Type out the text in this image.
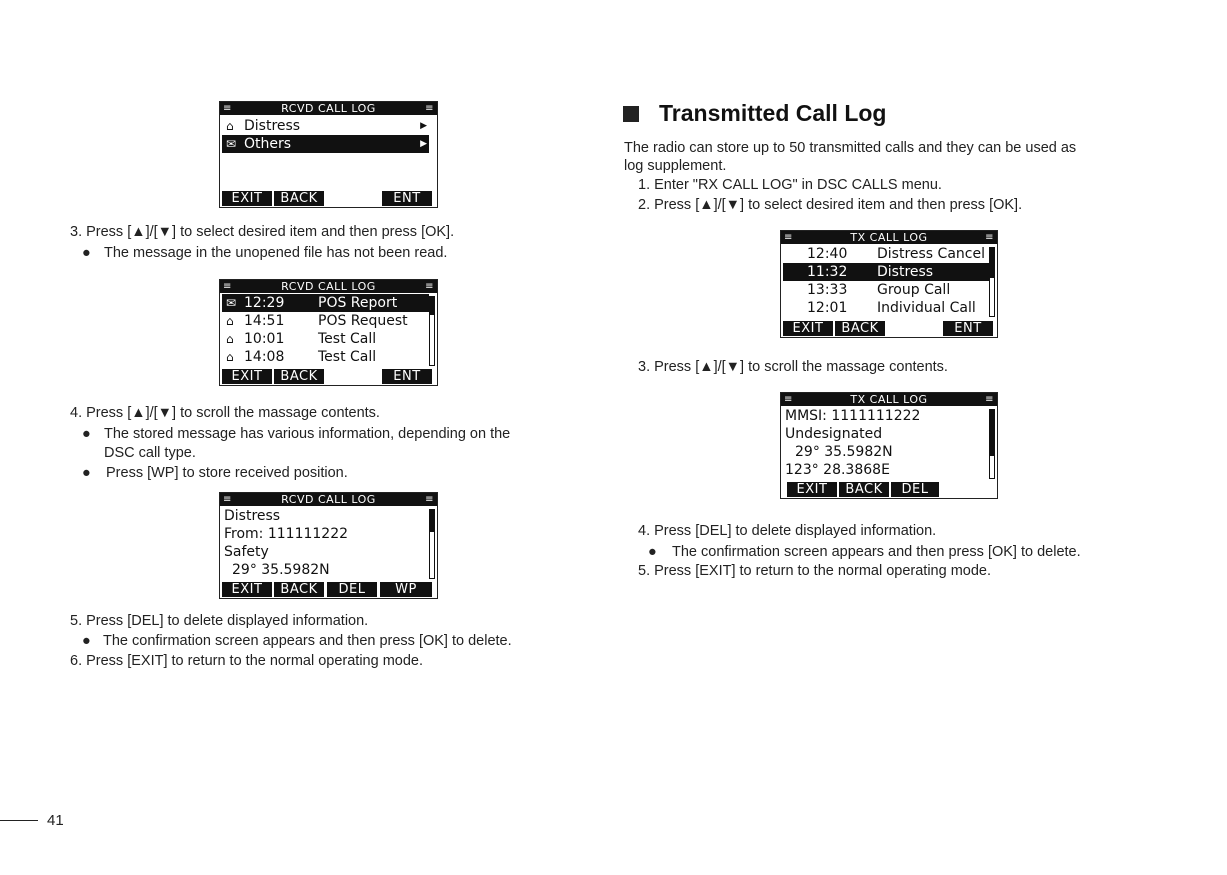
≡	RCVD CALL LOG	≡
⌂ Distress	▶
✉ Others	▶
EXIT	BACK	ENT
3. Press [▲]/[▼] to select desired item and then press [OK].
● The message in the unopened file has not been read.
≡	RCVD CALL LOG	≡
✉ 12:29 POS Report
⌂ 14:51 POS Request
⌂ 10:01 Test Call
⌂ 14:08 Test Call
EXIT	BACK	ENT
4. Press [▲]/[▼] to scroll the massage contents.
● The stored message has various information, depending on the
DSC call type.
● Press [WP] to store received position.
≡	RCVD CALL LOG	≡
Distress
From: 111111222
Safety
29° 35.5982N
EXIT	BACK	DEL	WP
5. Press [DEL] to delete displayed information.
● The confirmation screen appears and then press [OK] to delete.
6. Press [EXIT] to return to the normal operating mode.
Transmitted Call Log
The radio can store up to 50 transmitted calls and they can be used as
log supplement.
1. Enter "RX CALL LOG" in DSC CALLS menu.
2. Press [▲]/[▼] to select desired item and then press [OK].
≡	TX CALL LOG	≡
12:40 Distress Cancel
11:32 Distress
13:33 Group Call
12:01 Individual Call
EXIT	BACK	ENT
3. Press [▲]/[▼] to scroll the massage contents.
≡	TX CALL LOG	≡
MMSI: 1111111222
Undesignated
29° 35.5982N
123° 28.3868E
EXIT	BACK	DEL
4. Press [DEL] to delete displayed information.
● The confirmation screen appears and then press [OK] to delete.
5. Press [EXIT] to return to the normal operating mode.
41
